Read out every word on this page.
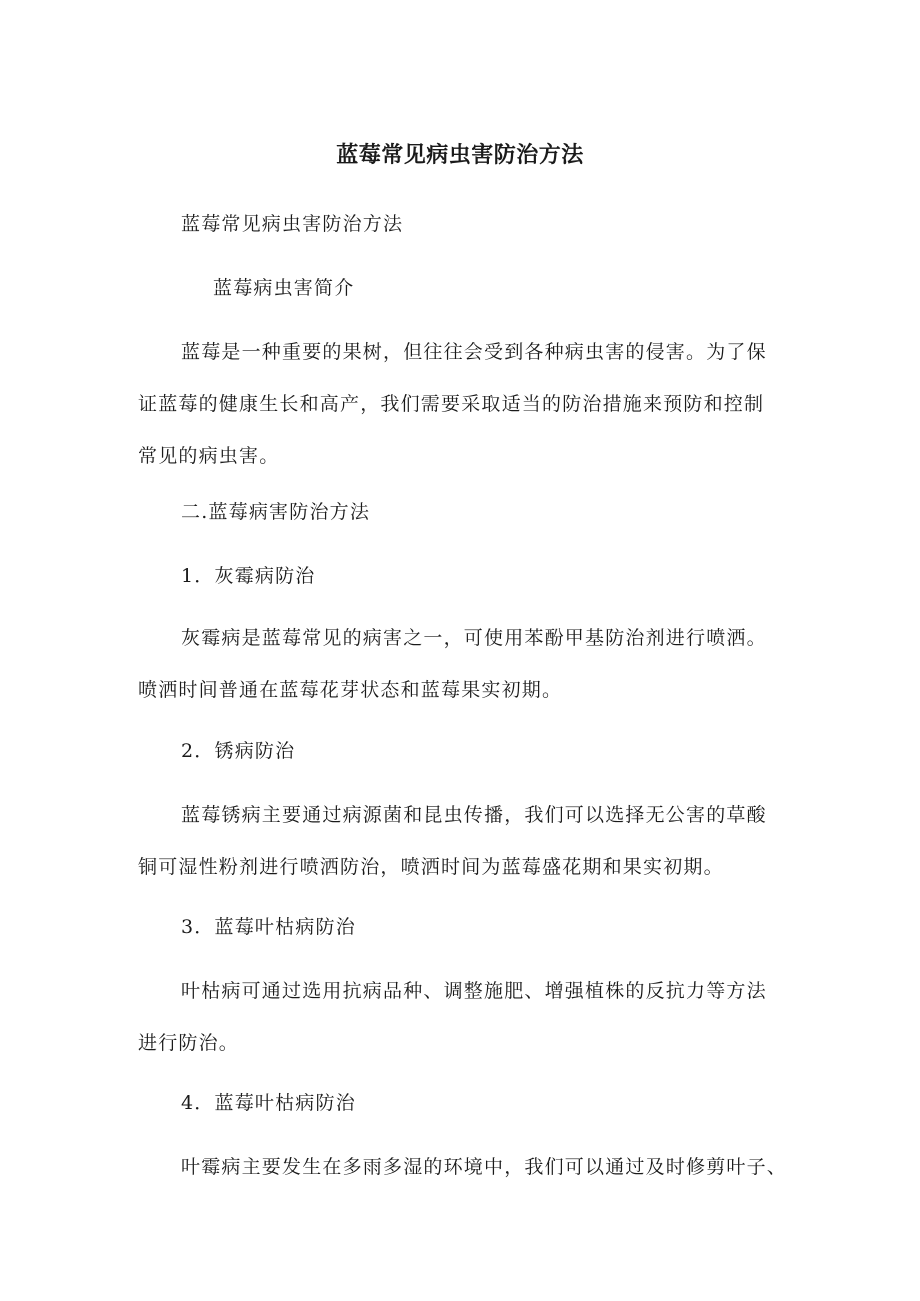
蓝莓常见病虫害防治方法

蓝莓常见病虫害防治方法

蓝莓病虫害简介

蓝莓是一种重要的果树，但往往会受到各种病虫害的侵害。为了保
证蓝莓的健康生长和高产，我们需要采取适当的防治措施来预防和控制
常见的病虫害。

二.蓝莓病害防治方法

1．灰霉病防治

灰霉病是蓝莓常见的病害之一，可使用苯酚甲基防治剂进行喷洒。
喷洒时间普通在蓝莓花芽状态和蓝莓果实初期。

2．锈病防治

蓝莓锈病主要通过病源菌和昆虫传播，我们可以选择无公害的草酸
铜可湿性粉剂进行喷洒防治，喷洒时间为蓝莓盛花期和果实初期。

3．蓝莓叶枯病防治

叶枯病可通过选用抗病品种、调整施肥、增强植株的反抗力等方法
进行防治。

4．蓝莓叶枯病防治

叶霉病主要发生在多雨多湿的环境中，我们可以通过及时修剪叶子、
